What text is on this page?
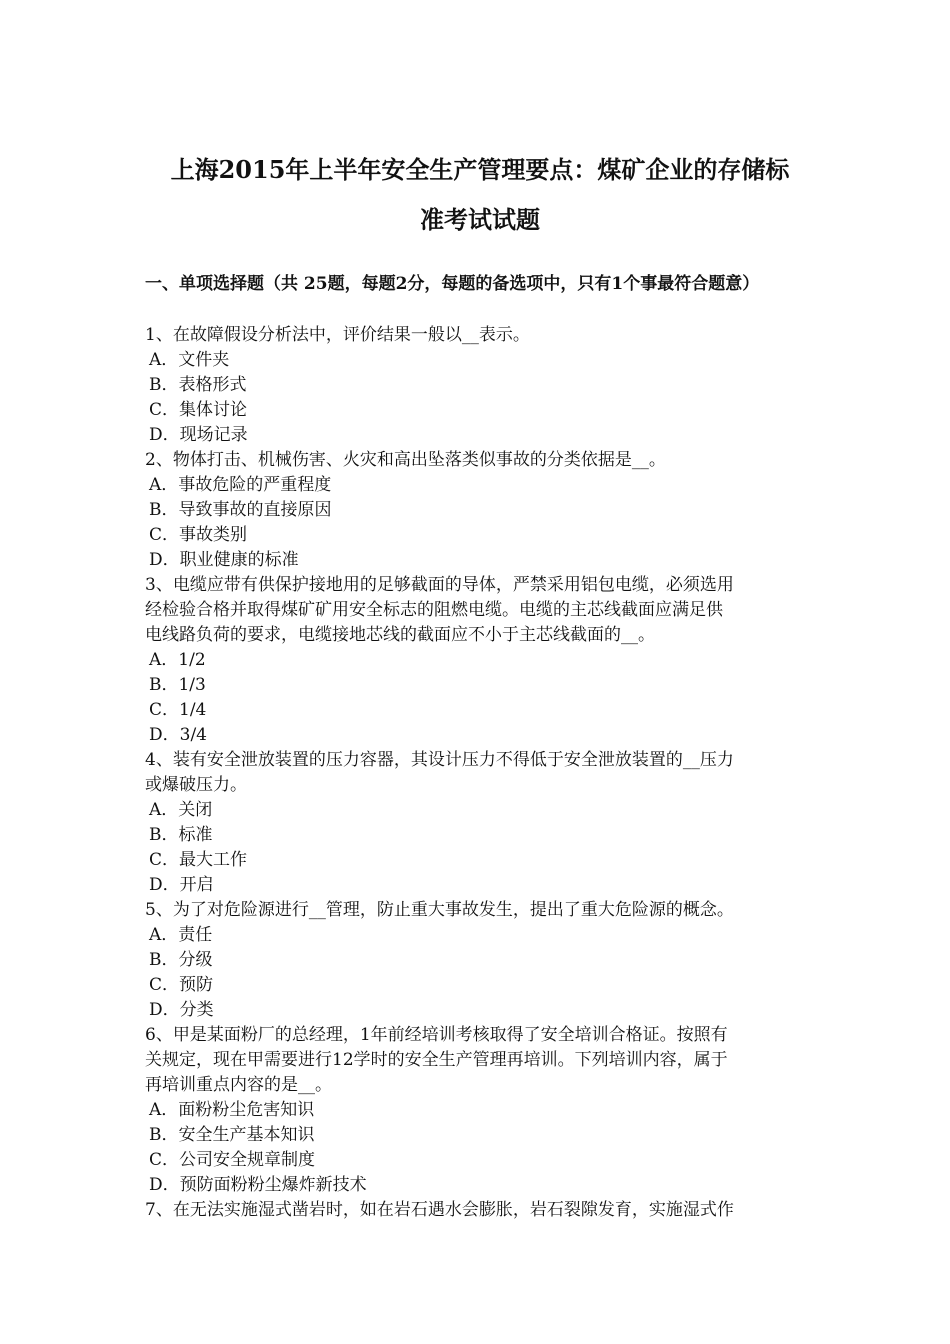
上海2015年上半年安全生产管理要点：煤矿企业的存储标
准考试试题
一、单项选择题（共 25题，每题2分，每题的备选项中，只有1个事最符合题意）
1、在故障假设分析法中，评价结果一般以__表示。
A．文件夹
B．表格形式
C．集体讨论
D．现场记录
2、物体打击、机械伤害、火灾和高出坠落类似事故的分类依据是__。
A．事故危险的严重程度
B．导致事故的直接原因
C．事故类别
D．职业健康的标准
3、电缆应带有供保护接地用的足够截面的导体，严禁采用铝包电缆，必须选用
经检验合格并取得煤矿矿用安全标志的阻燃电缆。电缆的主芯线截面应满足供
电线路负荷的要求，电缆接地芯线的截面应不小于主芯线截面的__。
A．1/2
B．1/3
C．1/4
D．3/4
4、装有安全泄放装置的压力容器，其设计压力不得低于安全泄放装置的__压力
或爆破压力。
A．关闭
B．标准
C．最大工作
D．开启
5、为了对危险源进行__管理，防止重大事故发生，提出了重大危险源的概念。
A．责任
B．分级
C．预防
D．分类
6、甲是某面粉厂的总经理，1年前经培训考核取得了安全培训合格证。按照有
关规定，现在甲需要进行12学时的安全生产管理再培训。下列培训内容，属于
再培训重点内容的是__。
A．面粉粉尘危害知识
B．安全生产基本知识
C．公司安全规章制度
D．预防面粉粉尘爆炸新技术
7、在无法实施湿式凿岩时，如在岩石遇水会膨胀，岩石裂隙发育，实施湿式作
